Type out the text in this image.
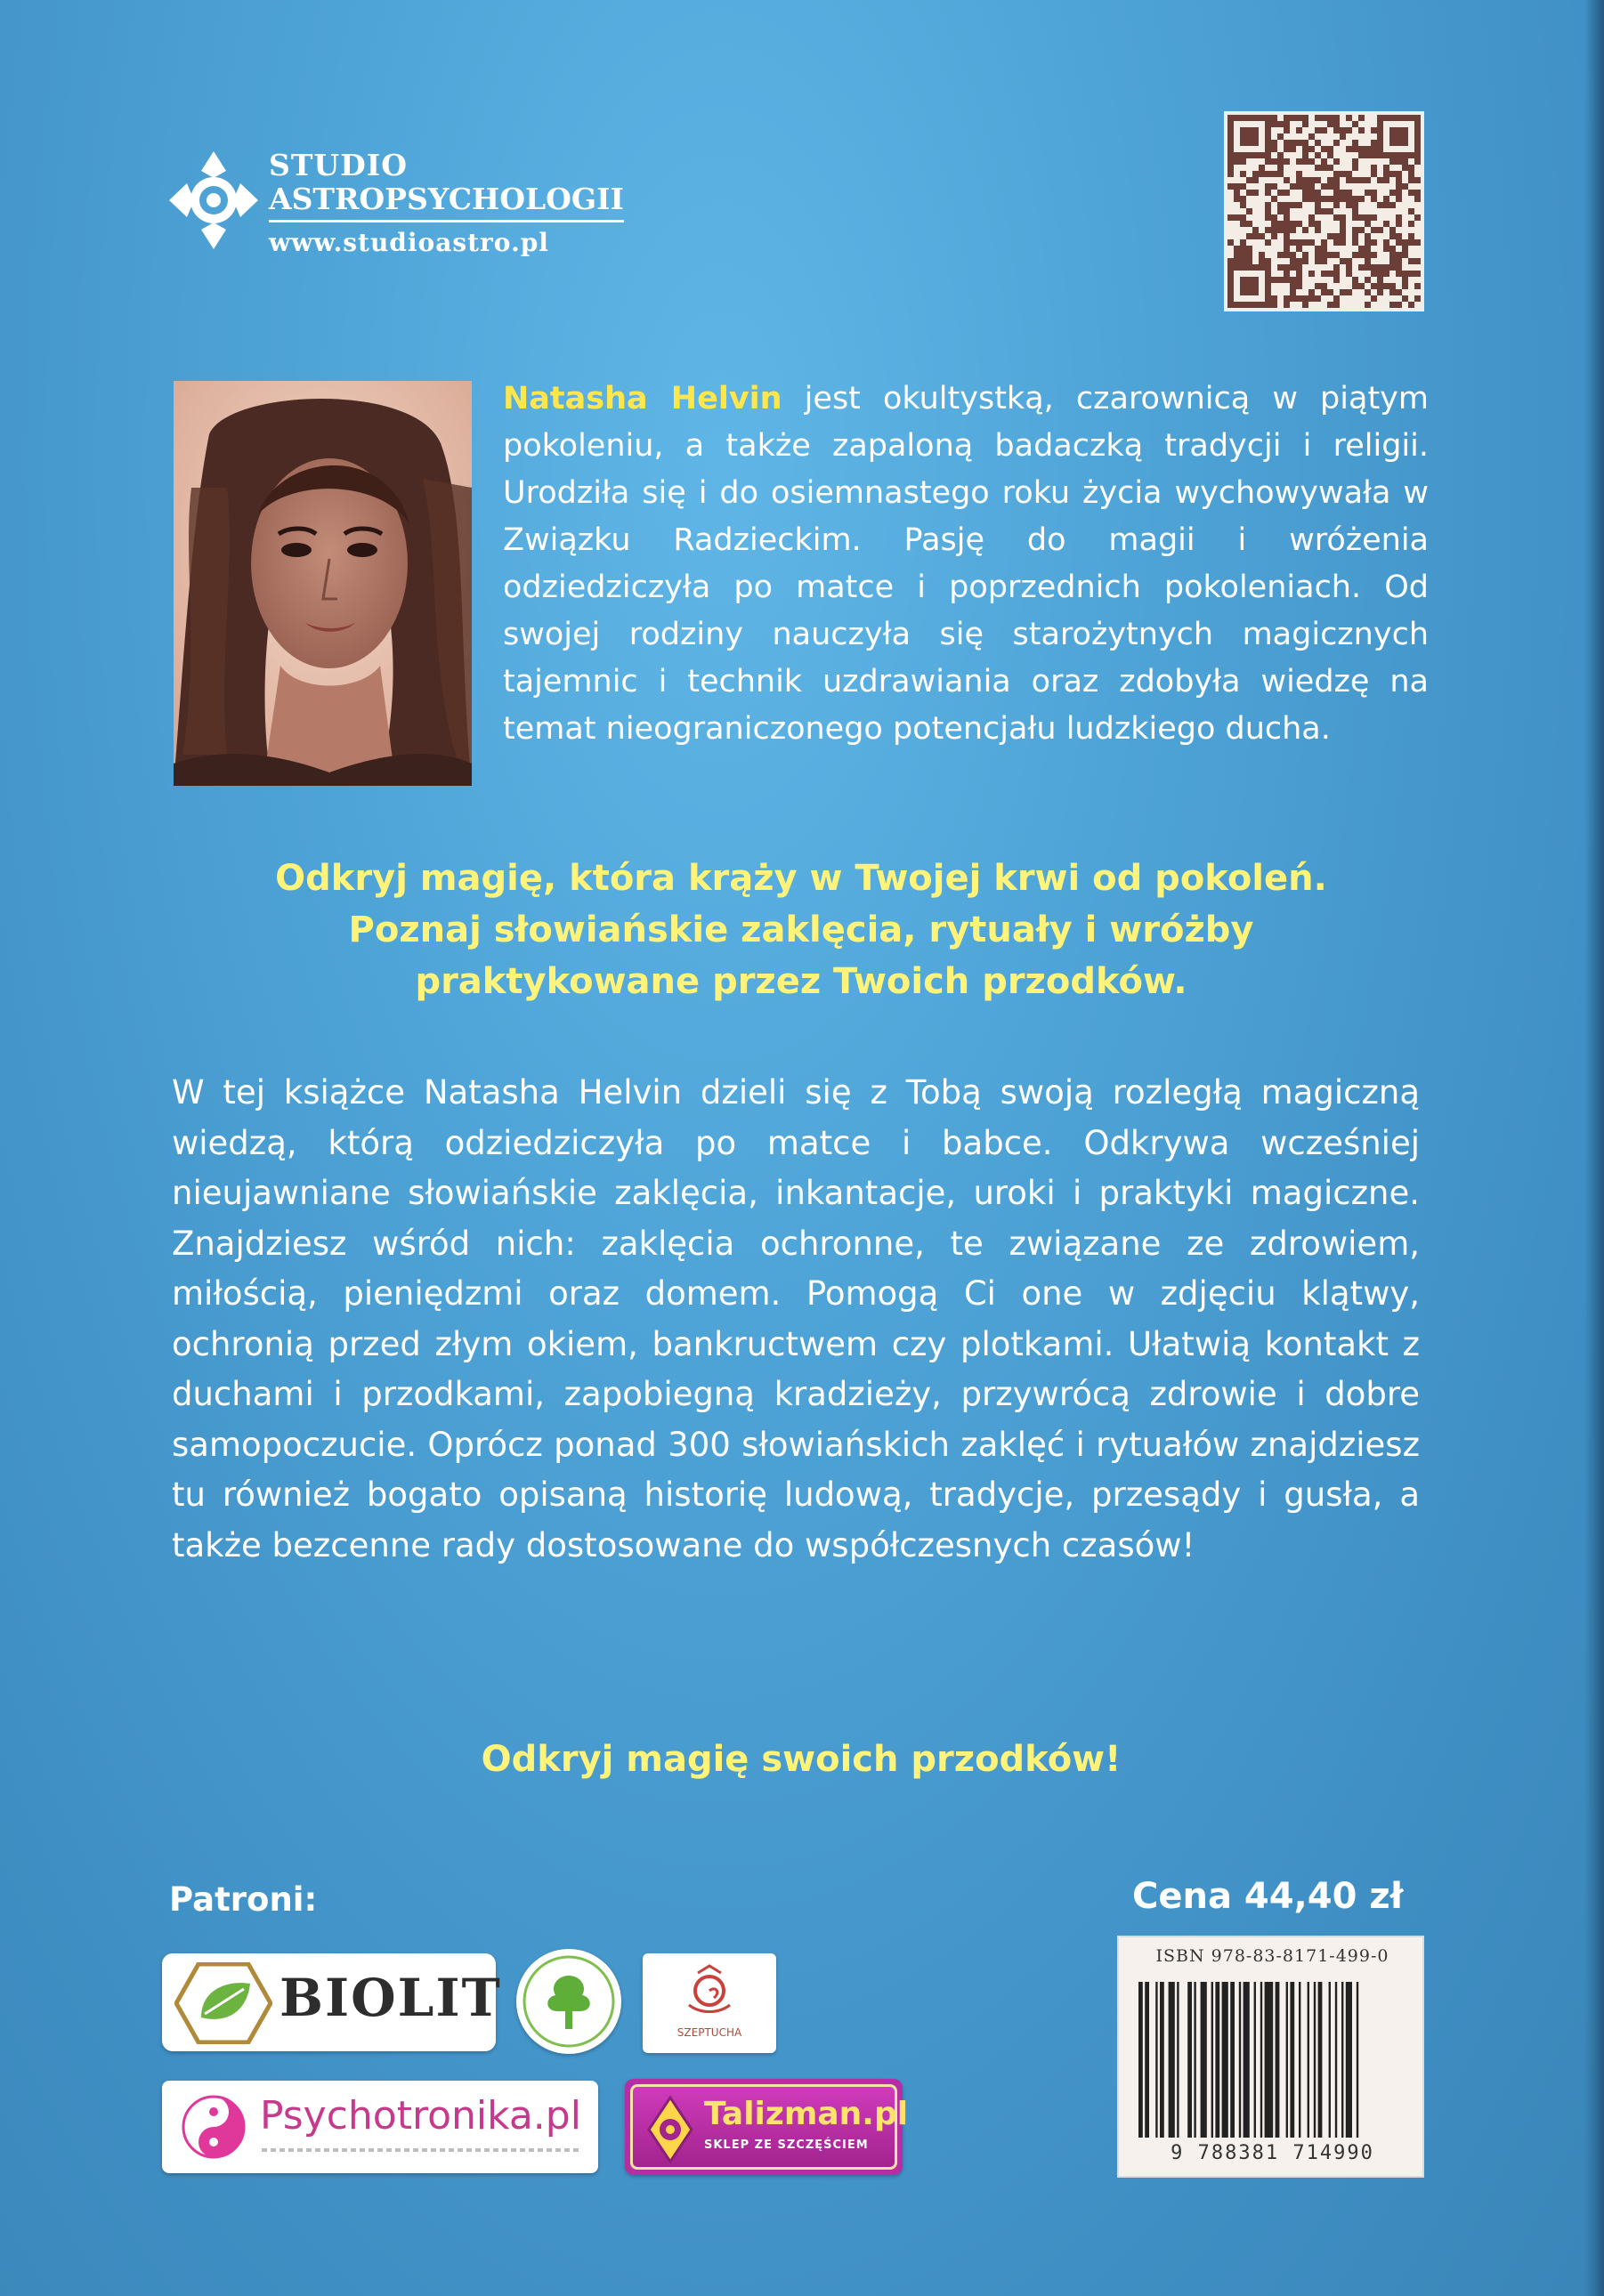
STUDIO
ASTROPSYCHOLOGII
www.studioastro.pl
Natasha Helvin jest okultystką, czarownicą w piątym pokoleniu, a także zapaloną badaczką tradycji i religii. Urodziła się i do osiemnastego roku życia wychowywała w Związku Radzieckim. Pasję do magii i wróżenia odziedziczyła po matce i poprzednich pokoleniach. Od swojej rodziny nauczyła się starożytnych magicznych tajemnic i technik uzdrawiania oraz zdobyła wiedzę na temat nieograniczonego potencjału ludzkiego ducha.
Odkryj magię, która krąży w Twojej krwi od pokoleń.
Poznaj słowiańskie zaklęcia, rytuały i wróżby
praktykowane przez Twoich przodków.
W tej książce Natasha Helvin dzieli się z Tobą swoją rozległą magiczną wiedzą, którą odziedziczyła po matce i babce. Odkrywa wcześniej nieujawniane słowiańskie zaklęcia, inkantacje, uroki i praktyki magiczne. Znajdziesz wśród nich: zaklęcia ochronne, te związane ze zdrowiem, miłością, pieniędzmi oraz domem. Pomogą Ci one w zdjęciu klątwy, ochronią przed złym okiem, bankructwem czy plotkami. Ułatwią kontakt z duchami i przodkami, zapobiegną kradzieży, przywrócą zdrowie i dobre samopoczucie. Oprócz ponad 300 słowiańskich zaklęć i rytuałów znajdziesz tu również bogato opisaną historię ludową, tradycje, przesądy i gusła, a także bezcenne rady dostosowane do współczesnych czasów!
Odkryj magię swoich przodków!
Patroni:	Cena 44,40 zł
BIOLIT
SZEPTUCHA
Psychotronika.pl	Talizman.pl
SKLEP ZE SZCZĘŚCIEM
ISBN 978-83-8171-499-0
9 788381 714990
